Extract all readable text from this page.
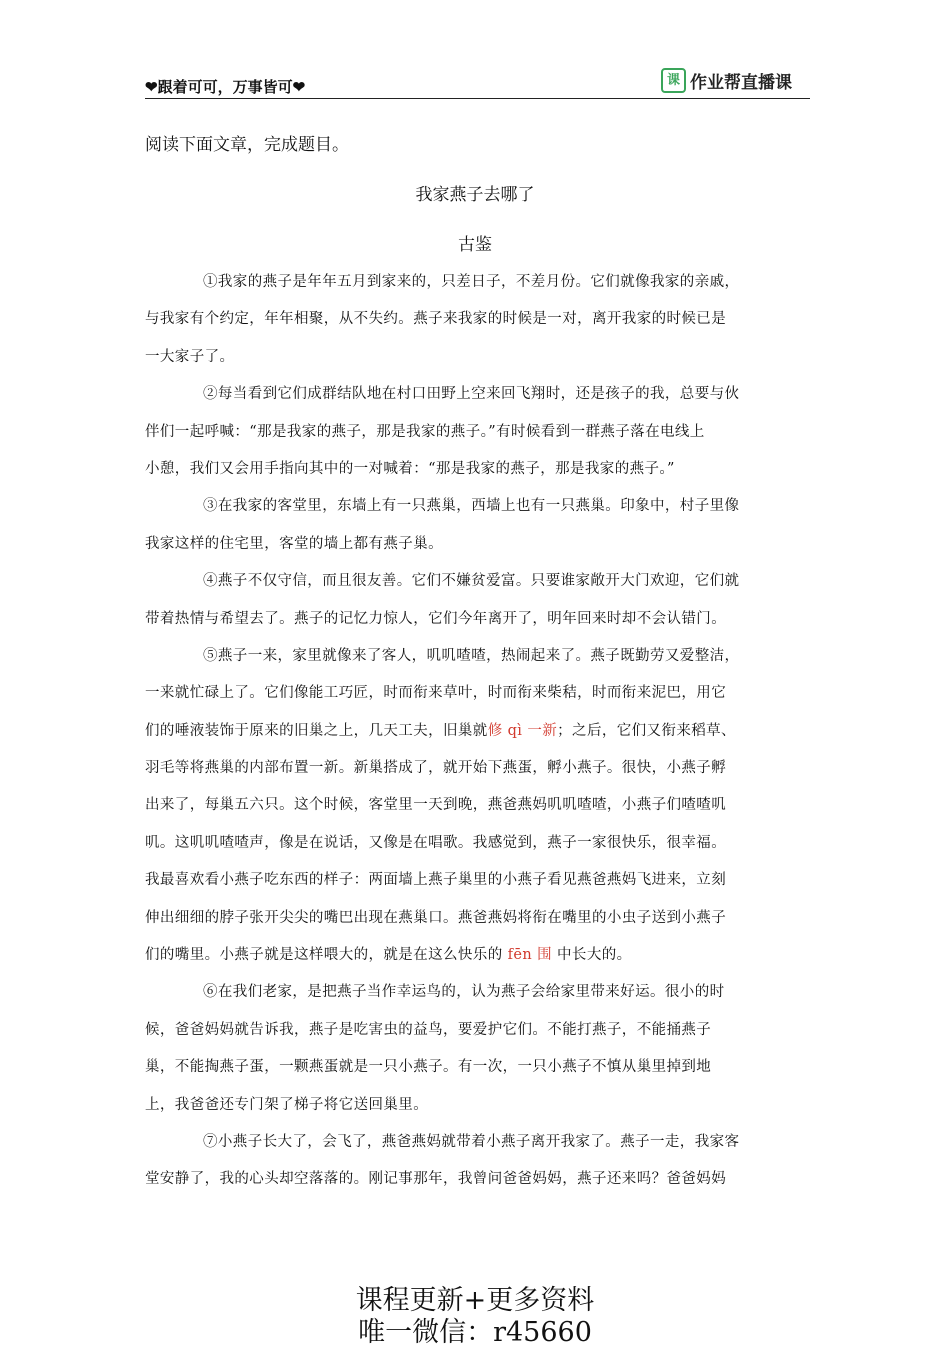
❤跟着可可，万事皆可❤	课 作业帮直播课
阅读下面文章，完成题目。
我家燕子去哪了
古鉴
①我家的燕子是年年五月到家来的，只差日子，不差月份。它们就像我家的亲戚，
与我家有个约定，年年相聚，从不失约。燕子来我家的时候是一对，离开我家的时候已是
一大家子了。
②每当看到它们成群结队地在村口田野上空来回飞翔时，还是孩子的我，总要与伙
伴们一起呼喊：“那是我家的燕子，那是我家的燕子。”有时候看到一群燕子落在电线上
小憩，我们又会用手指向其中的一对喊着：“那是我家的燕子，那是我家的燕子。”
③在我家的客堂里，东墙上有一只燕巢，西墙上也有一只燕巢。印象中，村子里像
我家这样的住宅里，客堂的墙上都有燕子巢。
④燕子不仅守信，而且很友善。它们不嫌贫爱富。只要谁家敞开大门欢迎，它们就
带着热情与希望去了。燕子的记忆力惊人，它们今年离开了，明年回来时却不会认错门。
⑤燕子一来，家里就像来了客人，叽叽喳喳，热闹起来了。燕子既勤劳又爱整洁，
一来就忙碌上了。它们像能工巧匠，时而衔来草叶，时而衔来柴秸，时而衔来泥巴，用它
们的唾液装饰于原来的旧巢之上，几天工夫，旧巢就修 qì 一新；之后，它们又衔来稻草、
羽毛等将燕巢的内部布置一新。新巢搭成了，就开始下燕蛋，孵小燕子。很快，小燕子孵
出来了，每巢五六只。这个时候，客堂里一天到晚，燕爸燕妈叽叽喳喳，小燕子们喳喳叽
叽。这叽叽喳喳声，像是在说话，又像是在唱歌。我感觉到，燕子一家很快乐，很幸福。
我最喜欢看小燕子吃东西的样子：两面墙上燕子巢里的小燕子看见燕爸燕妈飞进来，立刻
伸出细细的脖子张开尖尖的嘴巴出现在燕巢口。燕爸燕妈将衔在嘴里的小虫子送到小燕子
们的嘴里。小燕子就是这样喂大的，就是在这么快乐的 fēn 围 中长大的。
⑥在我们老家，是把燕子当作幸运鸟的，认为燕子会给家里带来好运。很小的时
候，爸爸妈妈就告诉我，燕子是吃害虫的益鸟，要爱护它们。不能打燕子，不能捅燕子
巢，不能掏燕子蛋，一颗燕蛋就是一只小燕子。有一次，一只小燕子不慎从巢里掉到地
上，我爸爸还专门架了梯子将它送回巢里。
⑦小燕子长大了，会飞了，燕爸燕妈就带着小燕子离开我家了。燕子一走，我家客
堂安静了，我的心头却空落落的。刚记事那年，我曾问爸爸妈妈，燕子还来吗？爸爸妈妈
课程更新+更多资料
唯一微信：r45660
